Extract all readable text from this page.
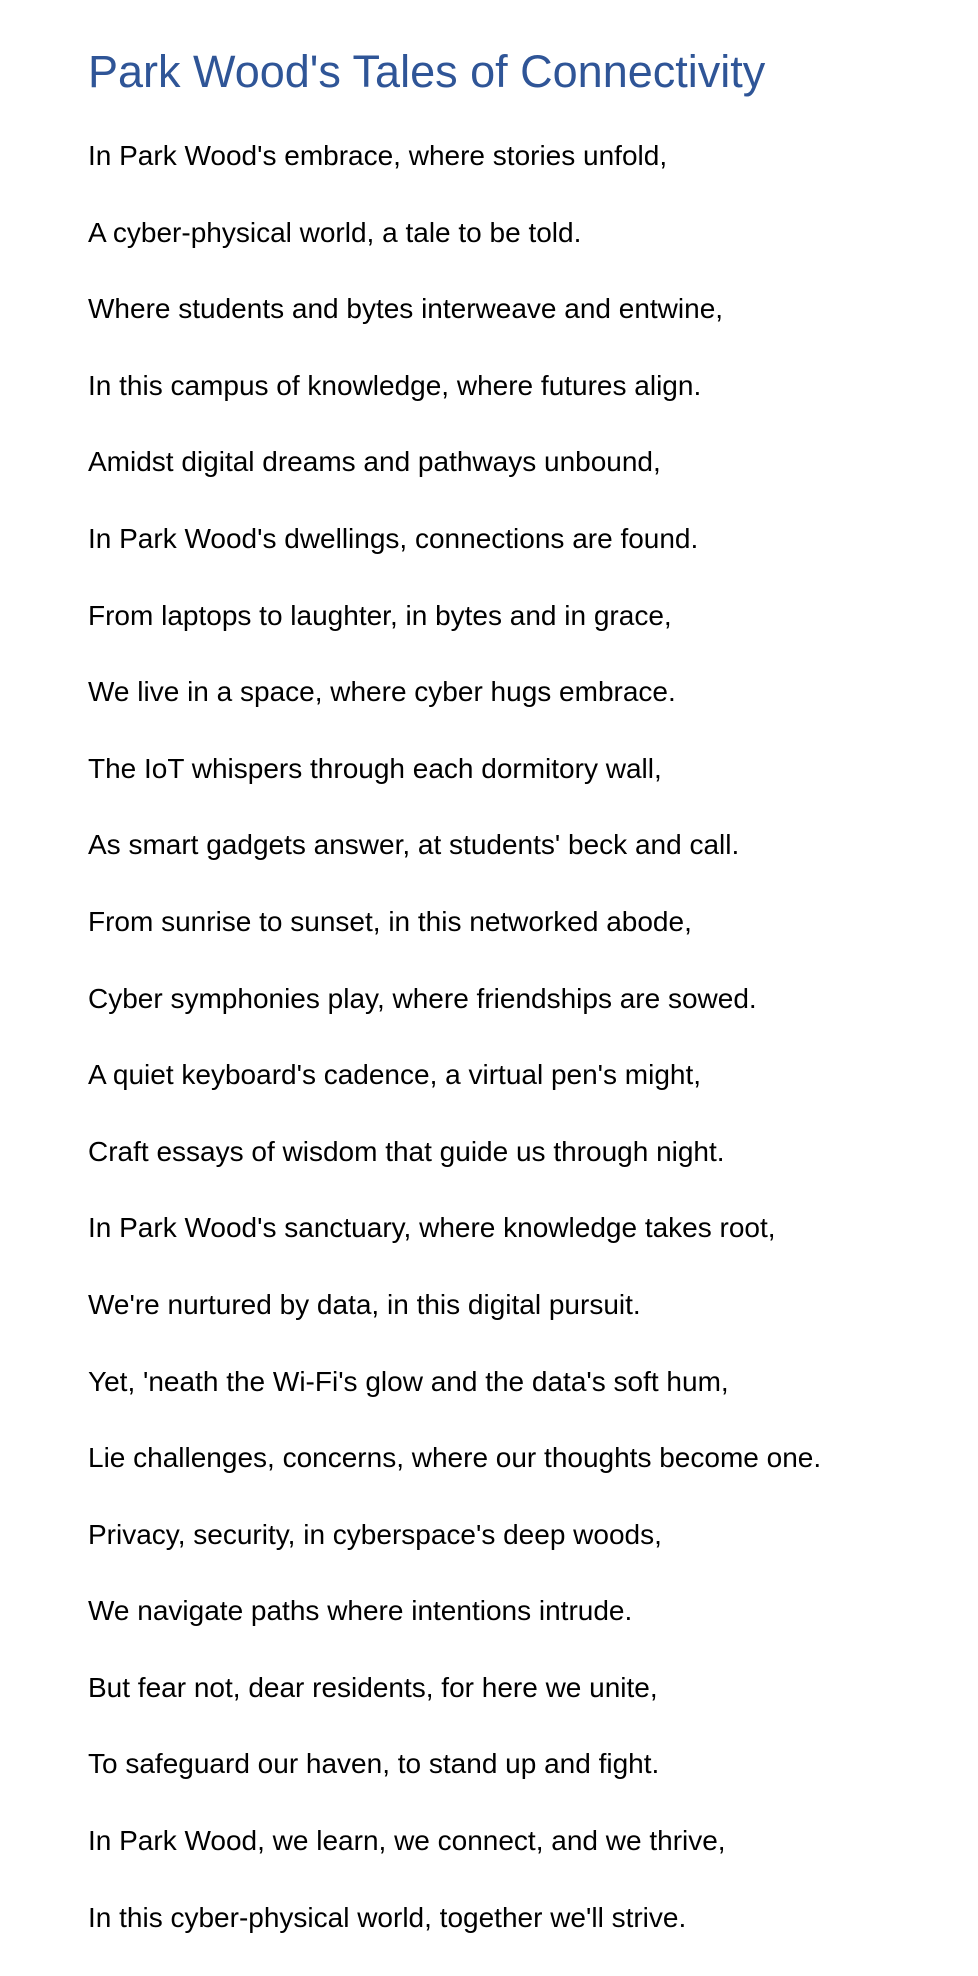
Park Wood's Tales of Connectivity
In Park Wood's embrace, where stories unfold,
A cyber-physical world, a tale to be told.
Where students and bytes interweave and entwine,
In this campus of knowledge, where futures align.
Amidst digital dreams and pathways unbound,
In Park Wood's dwellings, connections are found.
From laptops to laughter, in bytes and in grace,
We live in a space, where cyber hugs embrace.
The IoT whispers through each dormitory wall,
As smart gadgets answer, at students' beck and call.
From sunrise to sunset, in this networked abode,
Cyber symphonies play, where friendships are sowed.
A quiet keyboard's cadence, a virtual pen's might,
Craft essays of wisdom that guide us through night.
In Park Wood's sanctuary, where knowledge takes root,
We're nurtured by data, in this digital pursuit.
Yet, 'neath the Wi-Fi's glow and the data's soft hum,
Lie challenges, concerns, where our thoughts become one.
Privacy, security, in cyberspace's deep woods,
We navigate paths where intentions intrude.
But fear not, dear residents, for here we unite,
To safeguard our haven, to stand up and fight.
In Park Wood, we learn, we connect, and we thrive,
In this cyber-physical world, together we'll strive.
